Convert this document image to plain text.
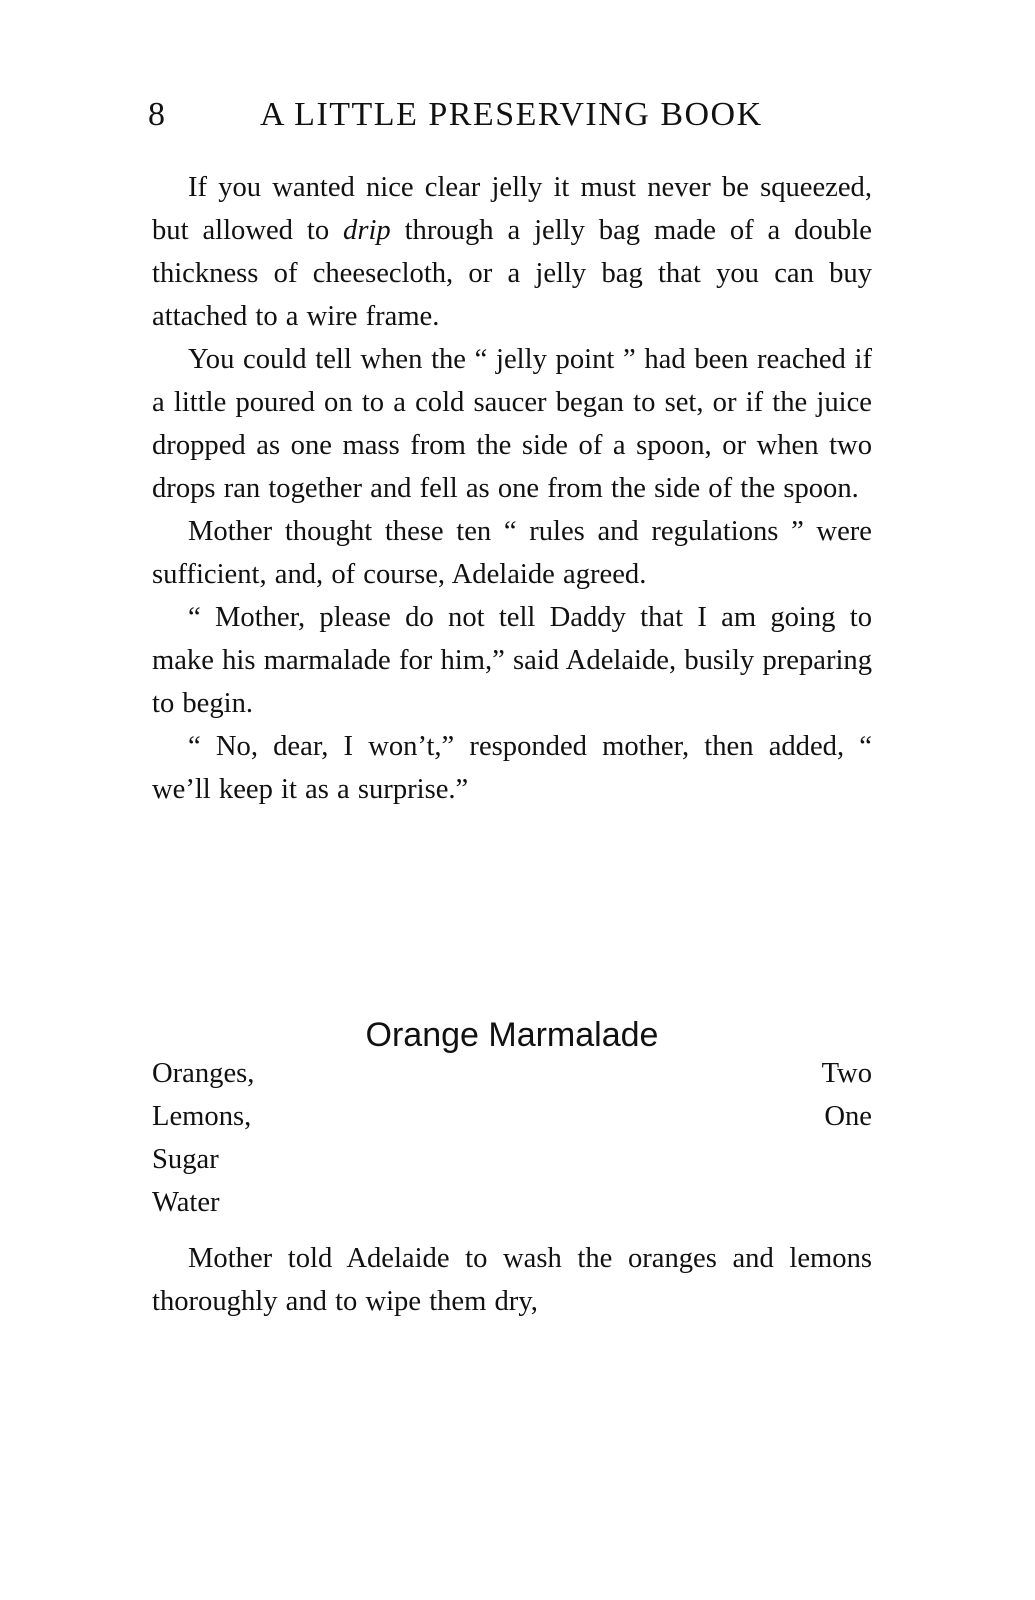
8	A LITTLE PRESERVING BOOK

If you wanted nice clear jelly it must never be squeezed, but allowed to drip through a jelly bag made of a double thickness of cheesecloth, or a jelly bag that you can buy attached to a wire frame.

You could tell when the “ jelly point ” had been reached if a little poured on to a cold saucer began to set, or if the juice dropped as one mass from the side of a spoon, or when two drops ran together and fell as one from the side of the spoon.

Mother thought these ten “ rules and regulations ” were sufficient, and, of course, Adelaide agreed.

“ Mother, please do not tell Daddy that I am going to make his marmalade for him,” said Adelaide, busily preparing to begin.

“ No, dear, I won’t,” responded mother, then added, “ we’ll keep it as a surprise.”

Orange Marmalade
Oranges,	Two
Lemons,	One
Sugar
Water

Mother told Adelaide to wash the oranges and lemons thoroughly and to wipe them dry,
